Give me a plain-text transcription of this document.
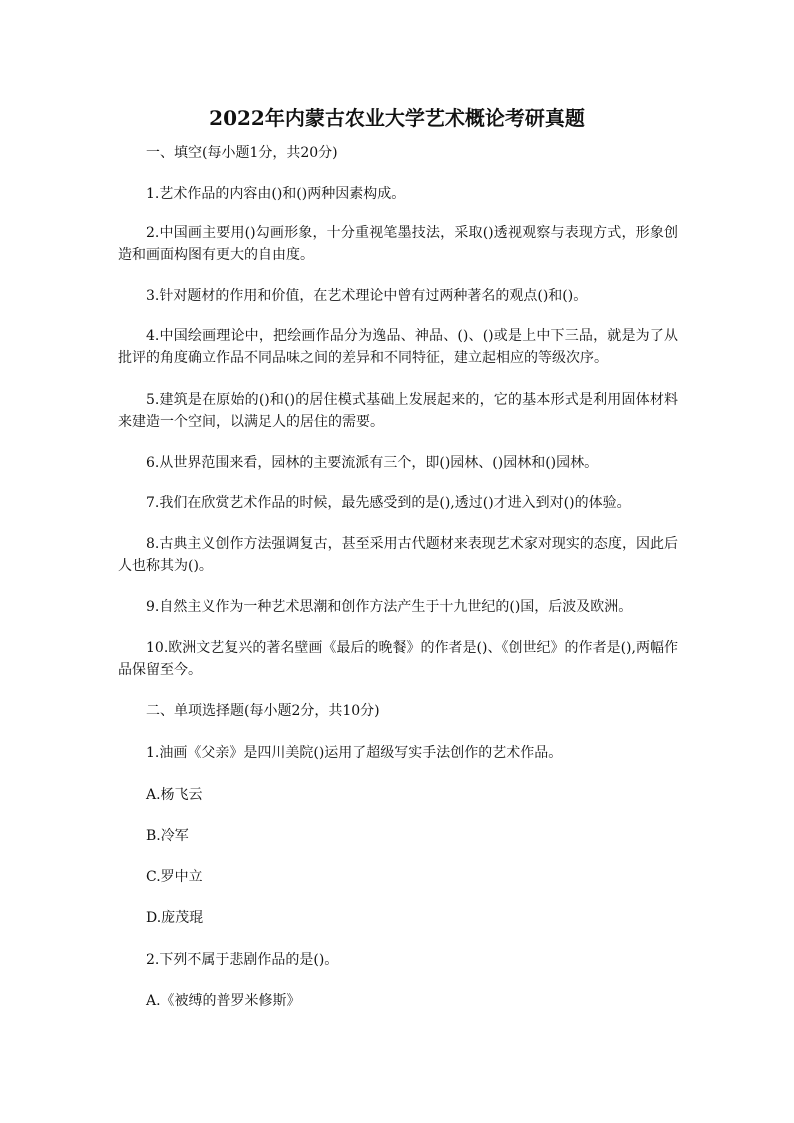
2022年内蒙古农业大学艺术概论考研真题

一、填空(每小题1分，共20分)

1.艺术作品的内容由()和()两种因素构成。

2.中国画主要用()勾画形象，十分重视笔墨技法，采取()透视观察与表现方式，形象创造和画面构图有更大的自由度。

3.针对题材的作用和价值，在艺术理论中曾有过两种著名的观点()和()。

4.中国绘画理论中，把绘画作品分为逸品、神品、()、()或是上中下三品，就是为了从批评的角度确立作品不同品味之间的差异和不同特征，建立起相应的等级次序。

5.建筑是在原始的()和()的居住模式基础上发展起来的，它的基本形式是利用固体材料来建造一个空间，以满足人的居住的需要。

6.从世界范围来看，园林的主要流派有三个，即()园林、()园林和()园林。

7.我们在欣赏艺术作品的时候，最先感受到的是(),透过()才进入到对()的体验。

8.古典主义创作方法强调复古，甚至采用古代题材来表现艺术家对现实的态度，因此后人也称其为()。

9.自然主义作为一种艺术思潮和创作方法产生于十九世纪的()国，后波及欧洲。

10.欧洲文艺复兴的著名壁画《最后的晚餐》的作者是()、《创世纪》的作者是(),两幅作品保留至今。

二、单项选择题(每小题2分，共10分)

1.油画《父亲》是四川美院()运用了超级写实手法创作的艺术作品。

A.杨飞云

B.冷军

C.罗中立

D.庞茂琨

2.下列不属于悲剧作品的是()。

A.《被缚的普罗米修斯》
